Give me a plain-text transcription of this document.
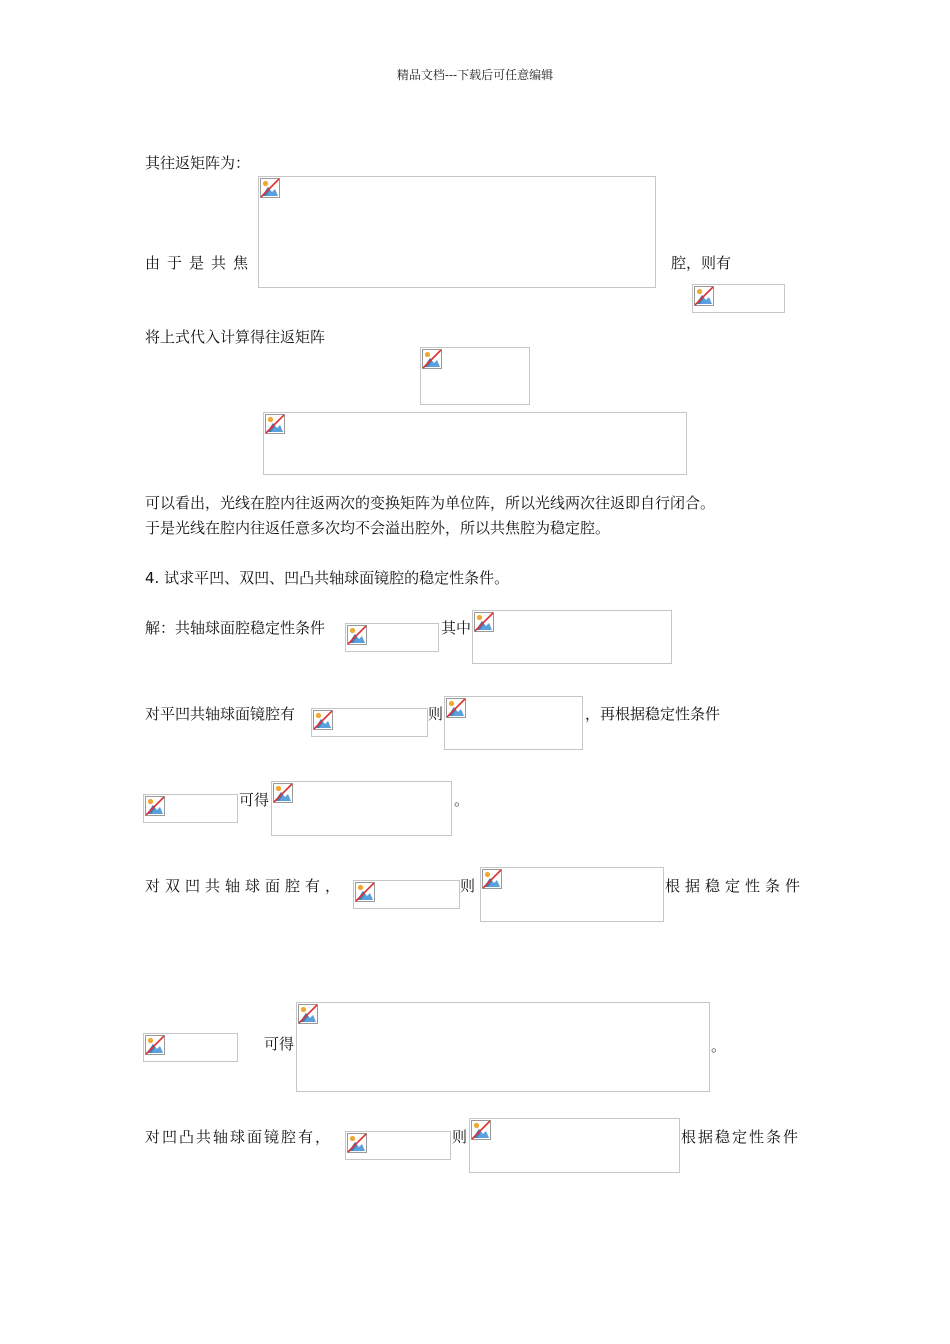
精品文档---下载后可任意编辑
其往返矩阵为：
由于是共焦	腔，则有
将上式代入计算得往返矩阵
可以看出，光线在腔内往返两次的变换矩阵为单位阵，所以光线两次往返即自行闭合。
于是光线在腔内往返任意多次均不会溢出腔外，所以共焦腔为稳定腔。
4. 试求平凹、双凹、凹凸共轴球面镜腔的稳定性条件。
解：共轴球面腔稳定性条件	其中
对平凹共轴球面镜腔有	则	，再根据稳定性条件
可得	。
对双凹共轴球面腔有，	则	根据稳定性条件
可得	。
对凹凸共轴球面镜腔有，	则	根据稳定性条件
